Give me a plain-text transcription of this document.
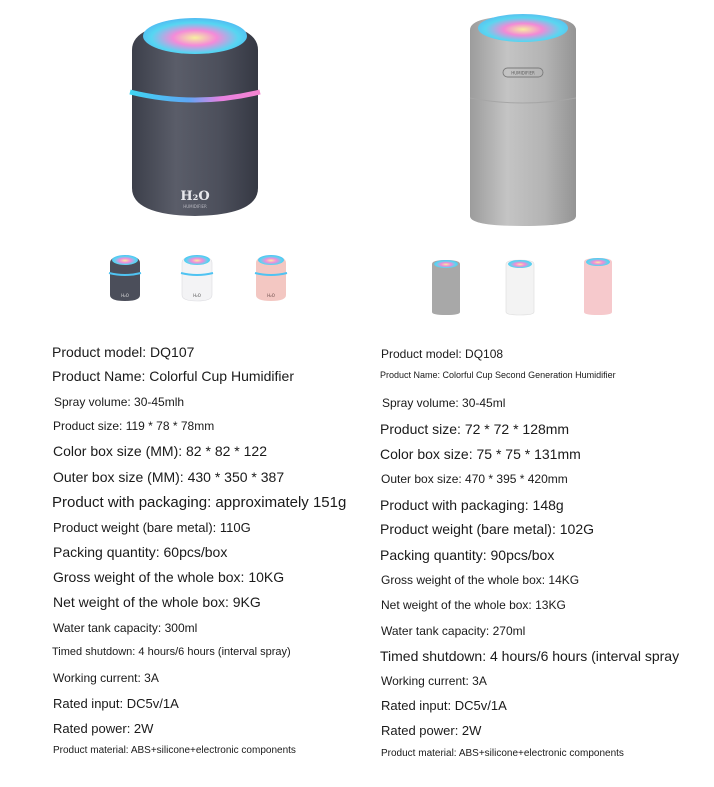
H₂O
HUMIDIFIER
H₂O	H₂O	H₂O
Product model: DQ107
Product Name: Colorful Cup Humidifier
Spray volume: 30-45mlh
Product size: 119 * 78 * 78mm
Color box size (MM): 82 * 82 * 122
Outer box size (MM): 430 * 350 * 387
Product with packaging: approximately 151g
Product weight (bare metal): 110G
Packing quantity: 60pcs/box
Gross weight of the whole box: 10KG
Net weight of the whole box: 9KG
Water tank capacity: 300ml
Timed shutdown: 4 hours/6 hours (interval spray)
Working current: 3A
Rated input: DC5v/1A
Rated power: 2W
Product material: ABS+silicone+electronic components
HUMIDIFIER
Product model: DQ108
Product Name: Colorful Cup Second Generation Humidifier
Spray volume: 30-45ml
Product size: 72 * 72 * 128mm
Color box size: 75 * 75 * 131mm
Outer box size: 470 * 395 * 420mm
Product with packaging: 148g
Product weight (bare metal): 102G
Packing quantity: 90pcs/box
Gross weight of the whole box: 14KG
Net weight of the whole box: 13KG
Water tank capacity: 270ml
Timed shutdown: 4 hours/6 hours (interval spray
Working current: 3A
Rated input: DC5v/1A
Rated power: 2W
Product material: ABS+silicone+electronic components
